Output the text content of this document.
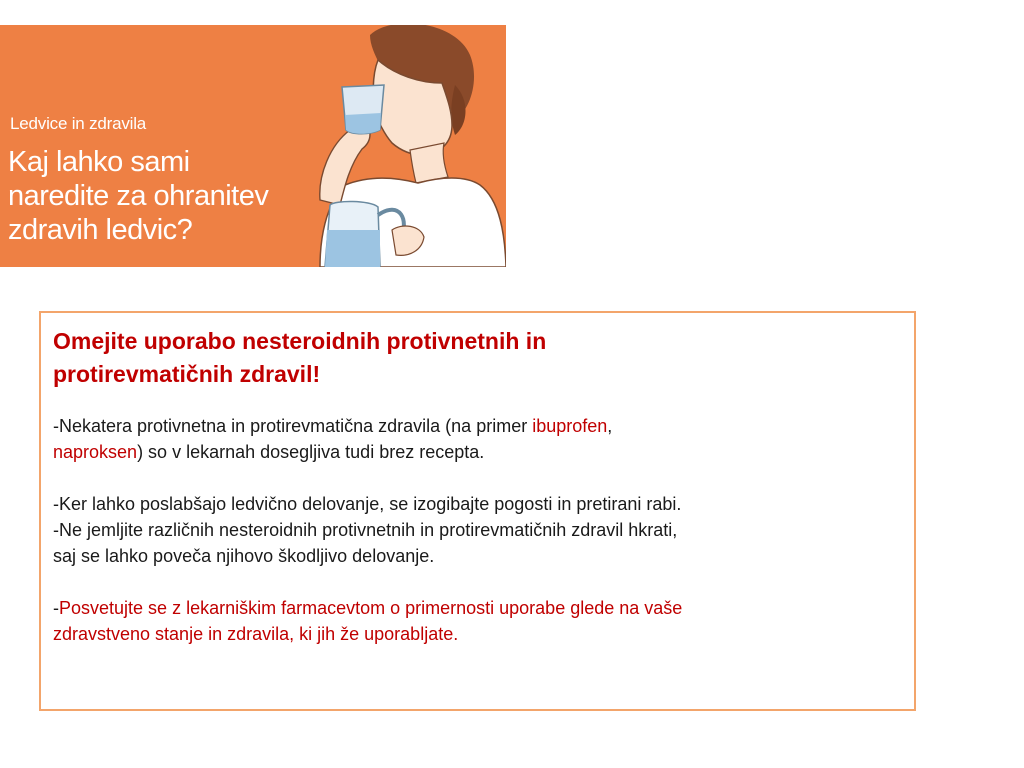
Ledvice in zdravila
Kaj lahko sami
naredite za ohranitev
zdravih ledvic?

Omejite uporabo nesteroidnih protivnetnih in
protirevmatičnih zdravil!

-Nekatera protivnetna in protirevmatična zdravila (na primer ibuprofen,
naproksen) so v lekarnah dosegljiva tudi brez recepta.

-Ker lahko poslabšajo ledvično delovanje, se izogibajte pogosti in pretirani rabi.

-Ne jemljite različnih nesteroidnih protivnetnih in protirevmatičnih zdravil hkrati,
saj se lahko poveča njihovo škodljivo delovanje.

-Posvetujte se z lekarniškim farmacevtom o primernosti uporabe glede na vaše
zdravstveno stanje in zdravila, ki jih že uporabljate.
